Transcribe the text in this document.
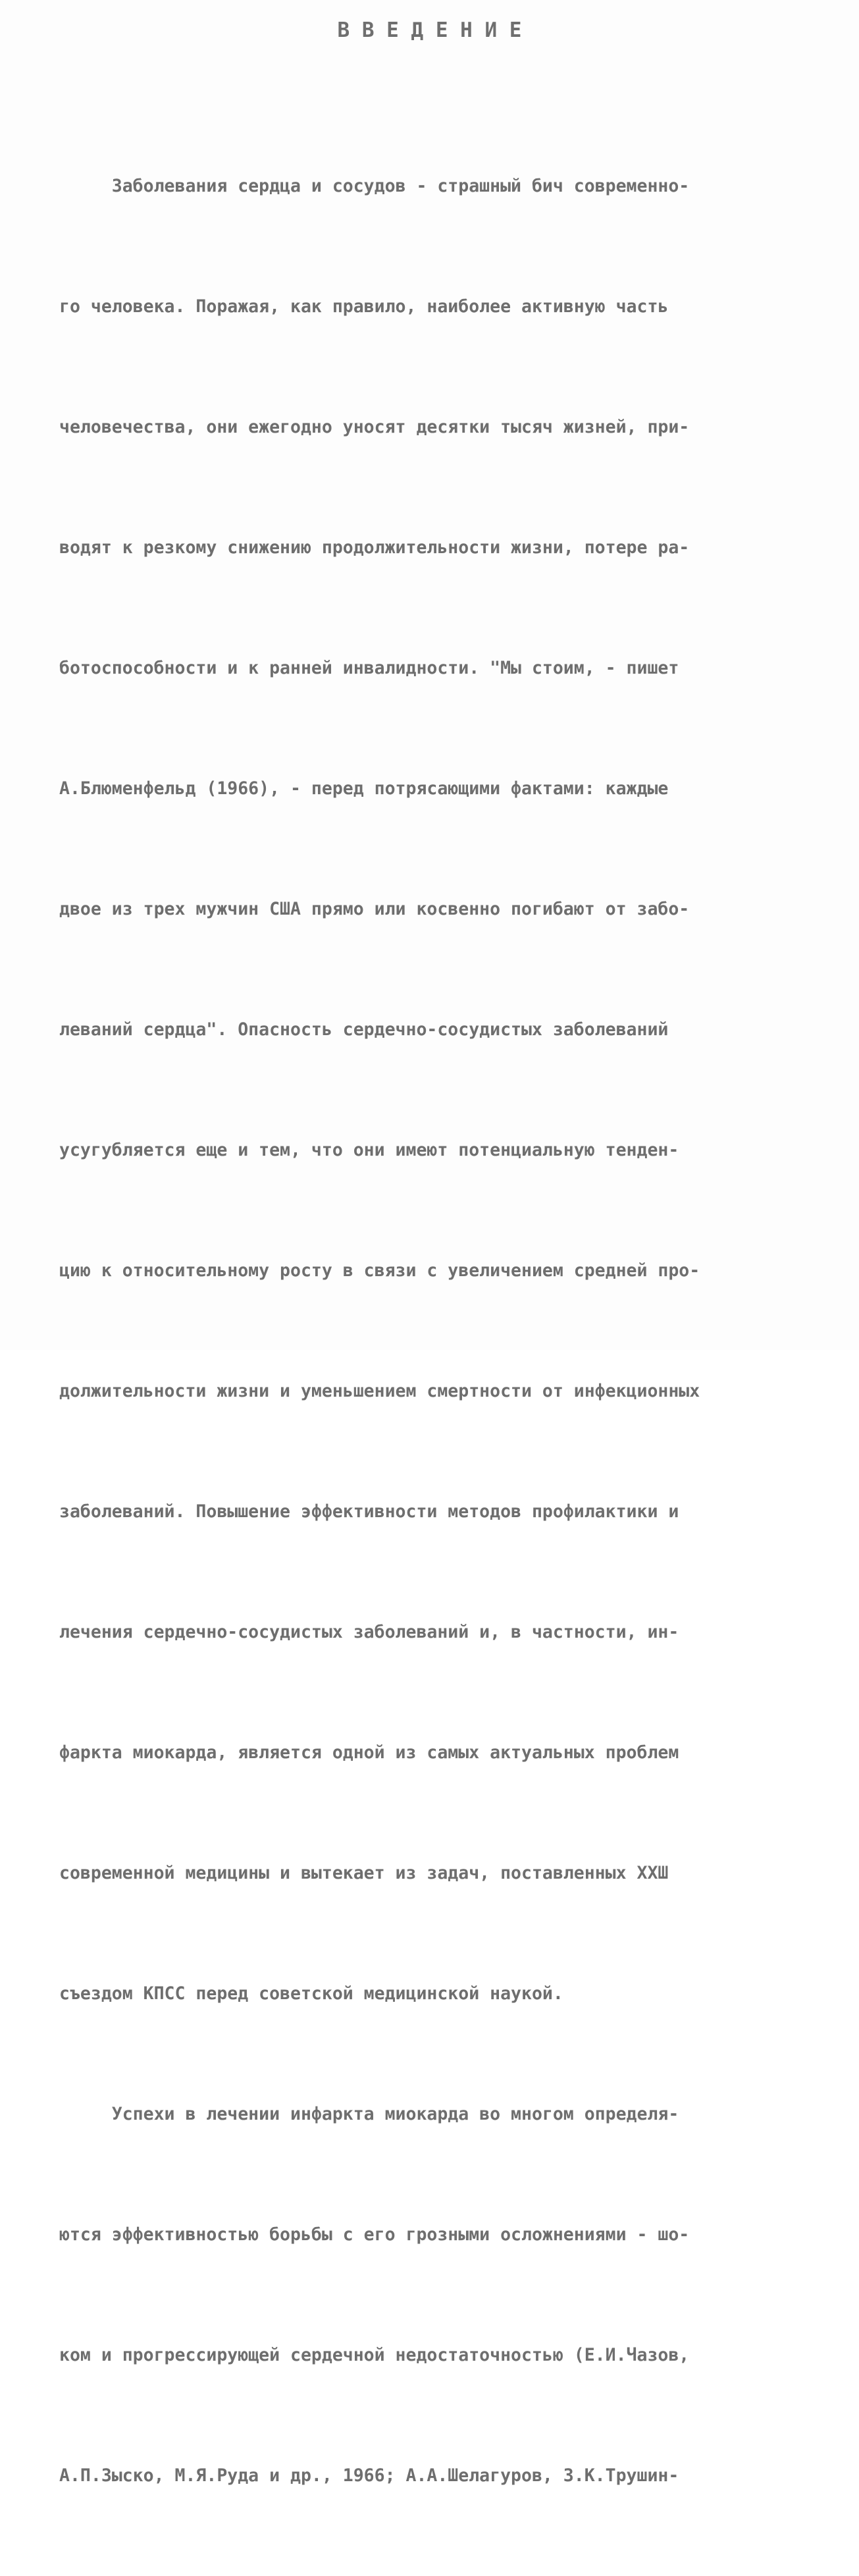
В В Е Д Е Н И Е

Заболевания сердца и сосудов - страшный бич современно-

го человека. Поражая, как правило, наиболее активную часть

человечества, они ежегодно уносят десятки тысяч жизней, при-

водят к резкому снижению продолжительности жизни, потере ра-

ботоспособности и к ранней инвалидности. "Мы стоим, - пишет

А.Блюменфельд (1966), - перед потрясающими фактами: каждые

двое из трех мужчин США прямо или косвенно погибают от забо-

леваний сердца". Опасность сердечно-сосудистых заболеваний

усугубляется еще и тем, что они имеют потенциальную тенден-

цию к относительному росту в связи с увеличением средней про-

должительности жизни и уменьшением смертности от инфекционных

заболеваний. Повышение эффективности методов профилактики и

лечения сердечно-сосудистых заболеваний и, в частности, ин-

фаркта миокарда, является одной из самых актуальных проблем

современной медицины и вытекает из задач, поставленных XXШ

съездом КПСС перед советской медицинской наукой.

Успехи в лечении инфаркта миокарда во многом определя-

ются эффективностью борьбы с его грозными осложнениями - шо-

ком и прогрессирующей сердечной недостаточностью (Е.И.Чазов,

А.П.Зыско, М.Я.Руда и др., 1966; А.А.Шелагуров, З.К.Трушин-
